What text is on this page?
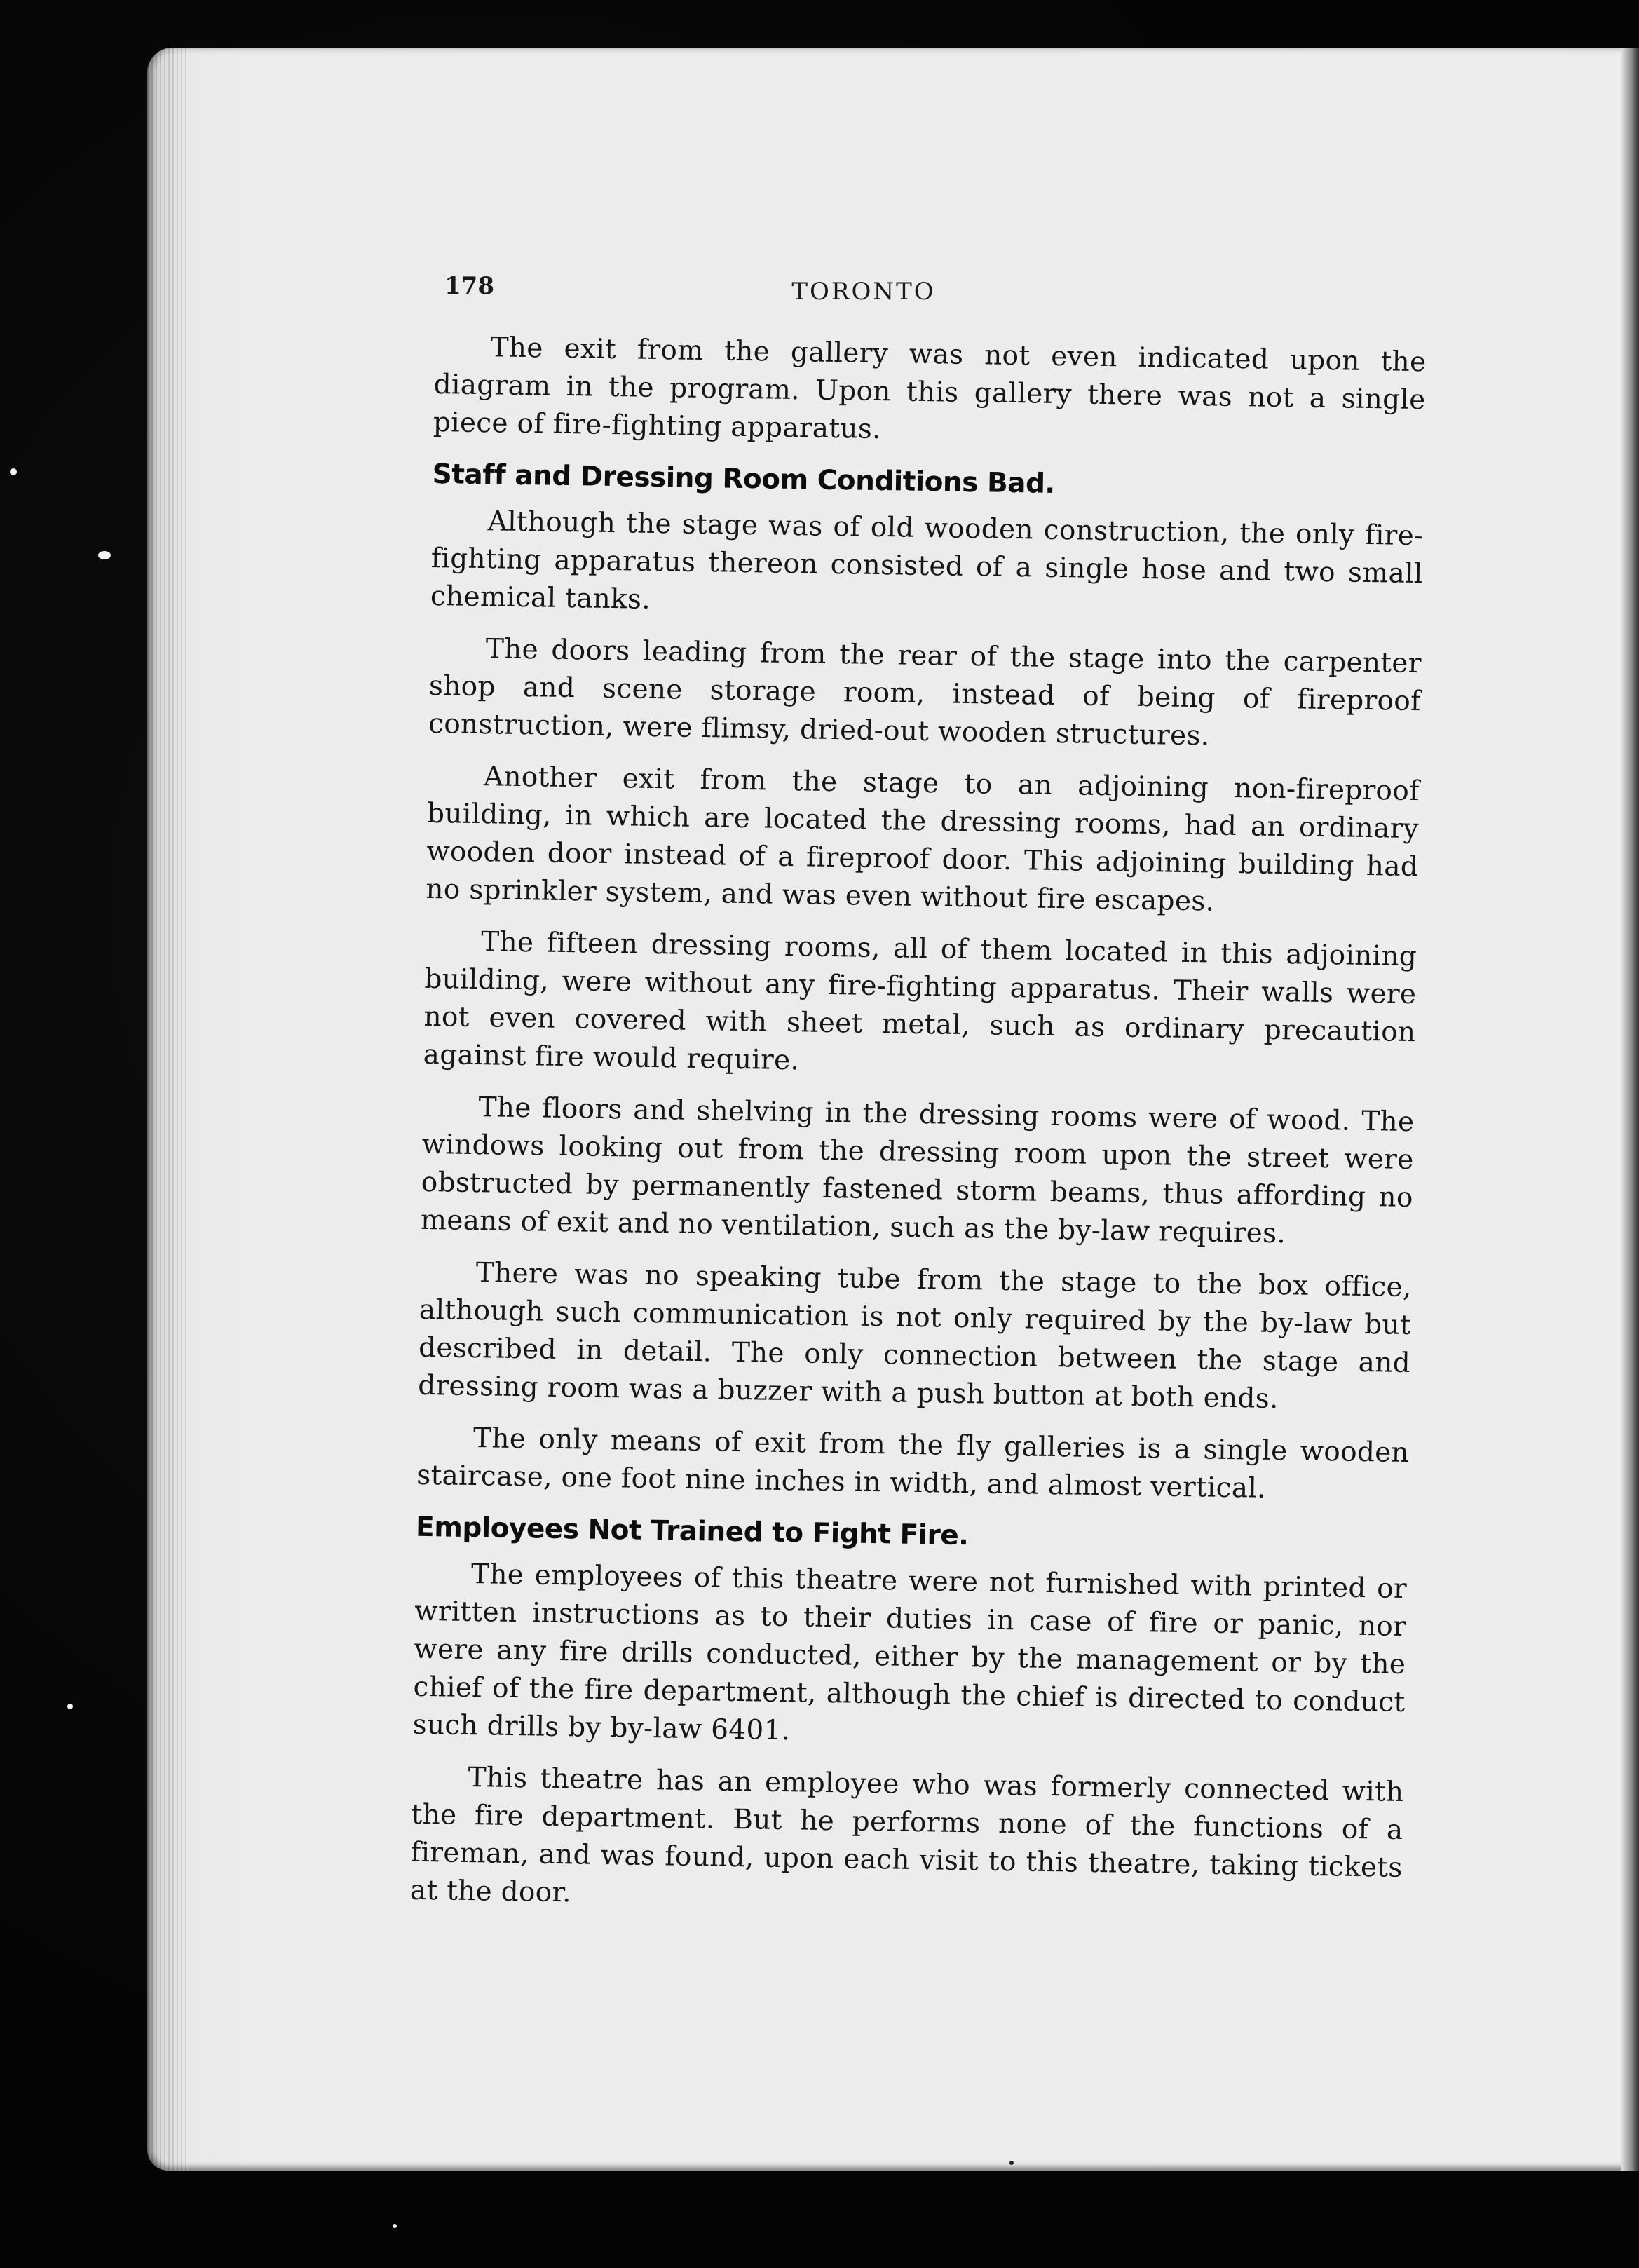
178	TORONTO

The exit from the gallery was not even indicated upon the diagram in the program. Upon this gallery there was not a single piece of fire-fighting apparatus.

Staff and Dressing Room Conditions Bad.

Although the stage was of old wooden construction, the only fire-fighting apparatus thereon consisted of a single hose and two small chemical tanks.

The doors leading from the rear of the stage into the carpenter shop and scene storage room, instead of being of fireproof construction, were flimsy, dried-out wooden structures.

Another exit from the stage to an adjoining non-fireproof building, in which are located the dressing rooms, had an ordinary wooden door instead of a fireproof door. This adjoining building had no sprinkler system, and was even without fire escapes.

The fifteen dressing rooms, all of them located in this adjoining building, were without any fire-fighting apparatus. Their walls were not even covered with sheet metal, such as ordinary precaution against fire would require.

The floors and shelving in the dressing rooms were of wood. The windows looking out from the dressing room upon the street were obstructed by permanently fastened storm beams, thus affording no means of exit and no ventilation, such as the by-law requires.

There was no speaking tube from the stage to the box office, although such communication is not only required by the by-law but described in detail. The only connection between the stage and dressing room was a buzzer with a push button at both ends.

The only means of exit from the fly galleries is a single wooden staircase, one foot nine inches in width, and almost vertical.

Employees Not Trained to Fight Fire.

The employees of this theatre were not furnished with printed or written instructions as to their duties in case of fire or panic, nor were any fire drills conducted, either by the management or by the chief of the fire department, although the chief is directed to conduct such drills by by-law 6401.

This theatre has an employee who was formerly connected with the fire department. But he performs none of the functions of a fireman, and was found, upon each visit to this theatre, taking tickets at the door.
